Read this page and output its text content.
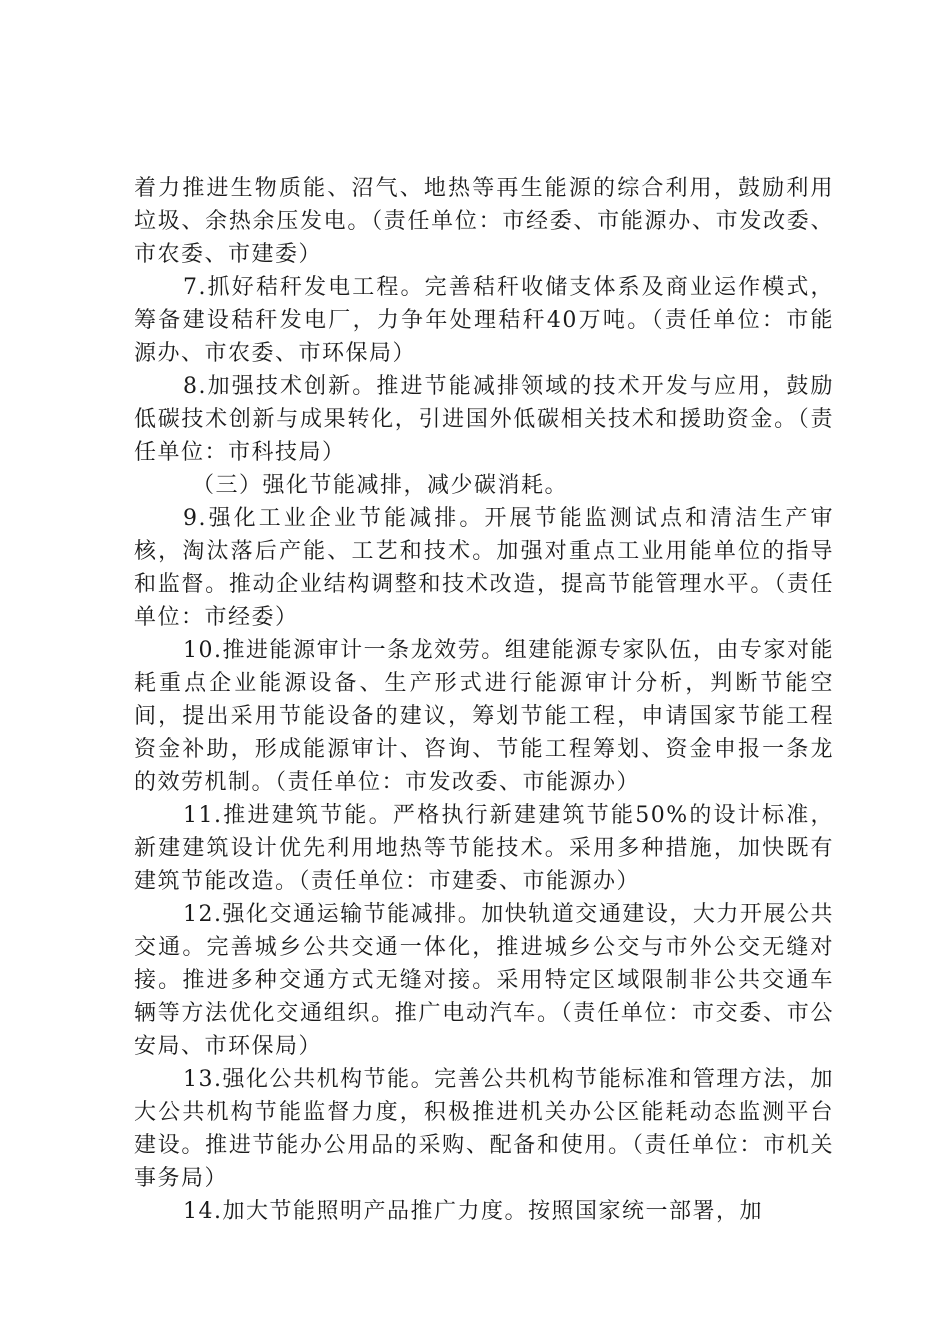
着力推进生物质能、沼气、地热等再生能源的综合利用，鼓励利用垃圾、余热余压发电。（责任单位：市经委、市能源办、市发改委、市农委、市建委）

7.抓好秸秆发电工程。完善秸秆收储支体系及商业运作模式，筹备建设秸秆发电厂，力争年处理秸秆40万吨。（责任单位：市能源办、市农委、市环保局）

8.加强技术创新。推进节能减排领域的技术开发与应用，鼓励低碳技术创新与成果转化，引进国外低碳相关技术和援助资金。（责任单位：市科技局）

（三）强化节能减排，减少碳消耗。

9.强化工业企业节能减排。开展节能监测试点和清洁生产审核，淘汰落后产能、工艺和技术。加强对重点工业用能单位的指导和监督。推动企业结构调整和技术改造，提高节能管理水平。（责任单位：市经委）

10.推进能源审计一条龙效劳。组建能源专家队伍，由专家对能耗重点企业能源设备、生产形式进行能源审计分析，判断节能空间，提出采用节能设备的建议，筹划节能工程，申请国家节能工程资金补助，形成能源审计、咨询、节能工程筹划、资金申报一条龙的效劳机制。（责任单位：市发改委、市能源办）

11.推进建筑节能。严格执行新建建筑节能50%的设计标准，新建建筑设计优先利用地热等节能技术。采用多种措施，加快既有建筑节能改造。（责任单位：市建委、市能源办）

12.强化交通运输节能减排。加快轨道交通建设，大力开展公共交通。完善城乡公共交通一体化，推进城乡公交与市外公交无缝对接。推进多种交通方式无缝对接。采用特定区域限制非公共交通车辆等方法优化交通组织。推广电动汽车。（责任单位：市交委、市公安局、市环保局）

13.强化公共机构节能。完善公共机构节能标准和管理方法，加大公共机构节能监督力度，积极推进机关办公区能耗动态监测平台建设。推进节能办公用品的采购、配备和使用。（责任单位：市机关事务局）

14.加大节能照明产品推广力度。按照国家统一部署，加
